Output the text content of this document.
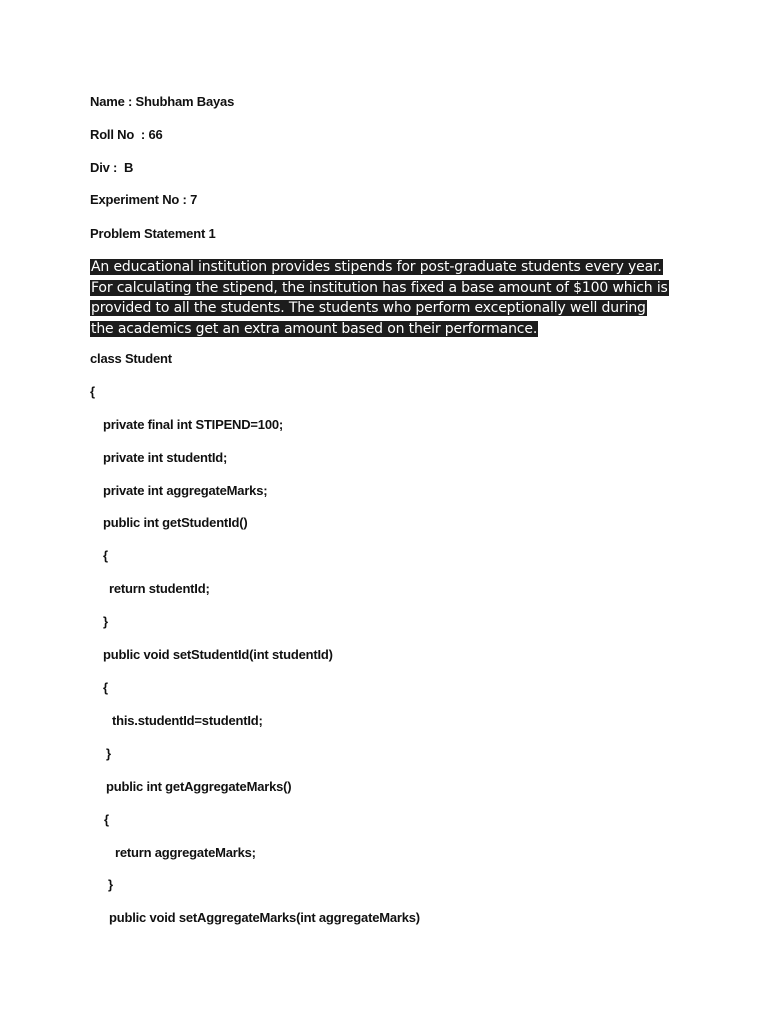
Name : Shubham Bayas
Roll No  : 66
Div :  B
Experiment No : 7
Problem Statement 1
An educational institution provides stipends for post-graduate students every year.
For calculating the stipend, the institution has fixed a base amount of $100 which is
provided to all the students. The students who perform exceptionally well during
the academics get an extra amount based on their performance.
class Student
{
private final int STIPEND=100;
private int studentId;
private int aggregateMarks;
public int getStudentId()
{
return studentId;
}
public void setStudentId(int studentId)
{
this.studentId=studentId;
}
public int getAggregateMarks()
{
return aggregateMarks;
}
public void setAggregateMarks(int aggregateMarks)
